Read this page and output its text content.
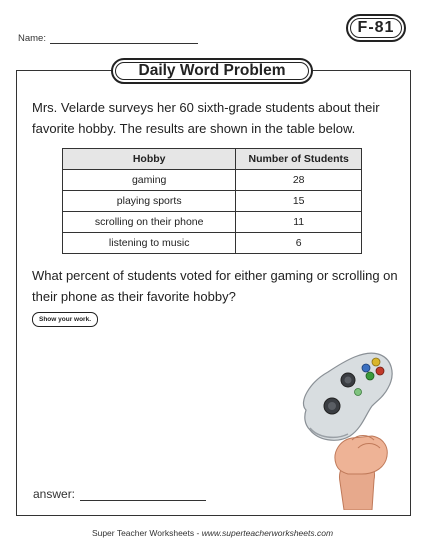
Name:
F-81
Daily Word Problem
Mrs. Velarde surveys her 60 sixth-grade students about their favorite hobby. The results are shown in the table below.
Hobby	Number of Students
gaming	28
playing sports	15
scrolling on their phone	11
listening to music	6
What percent of students voted for either gaming or scrolling on their phone as their favorite hobby?
Show your work.
answer:
Super Teacher Worksheets - www.superteacherworksheets.com
